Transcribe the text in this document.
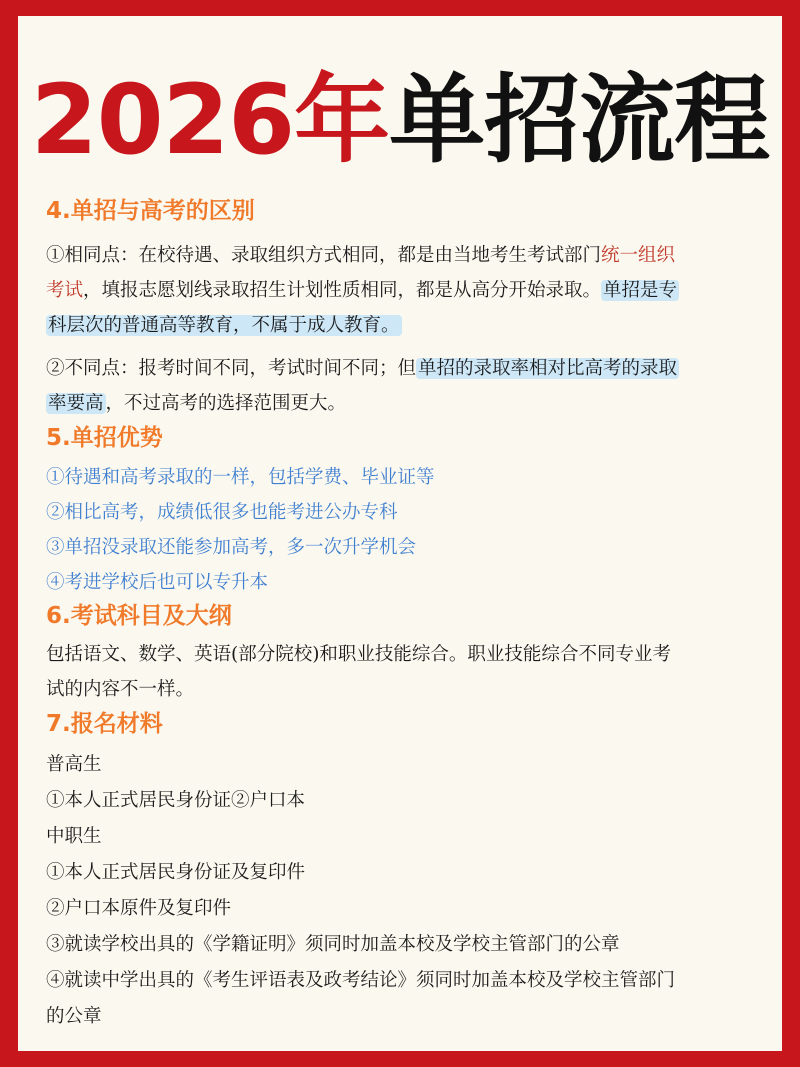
2026年单招流程
4.单招与高考的区别
①相同点：在校待遇、录取组织方式相同，都是由当地考生考试部门统一组织
考试，填报志愿划线录取招生计划性质相同，都是从高分开始录取。 单招是专
科层次的普通高等教育，不属于成人教育。
②不同点：报考时间不同，考试时间不同；但 单招的录取率相对比高考的录取
率要高 ，不过高考的选择范围更大。
5.单招优势
①待遇和高考录取的一样，包括学费、毕业证等
②相比高考，成绩低很多也能考进公办专科
③单招没录取还能参加高考，多一次升学机会
④考进学校后也可以专升本
6.考试科目及大纲
包括语文、数学、英语(部分院校)和职业技能综合。职业技能综合不同专业考
试的内容不一样。
7.报名材料
普高生
①本人正式居民身份证②户口本
中职生
①本人正式居民身份证及复印件
②户口本原件及复印件
③就读学校出具的《学籍证明》须同时加盖本校及学校主管部门的公章
④就读中学出具的《考生评语表及政考结论》须同时加盖本校及学校主管部门
的公章
